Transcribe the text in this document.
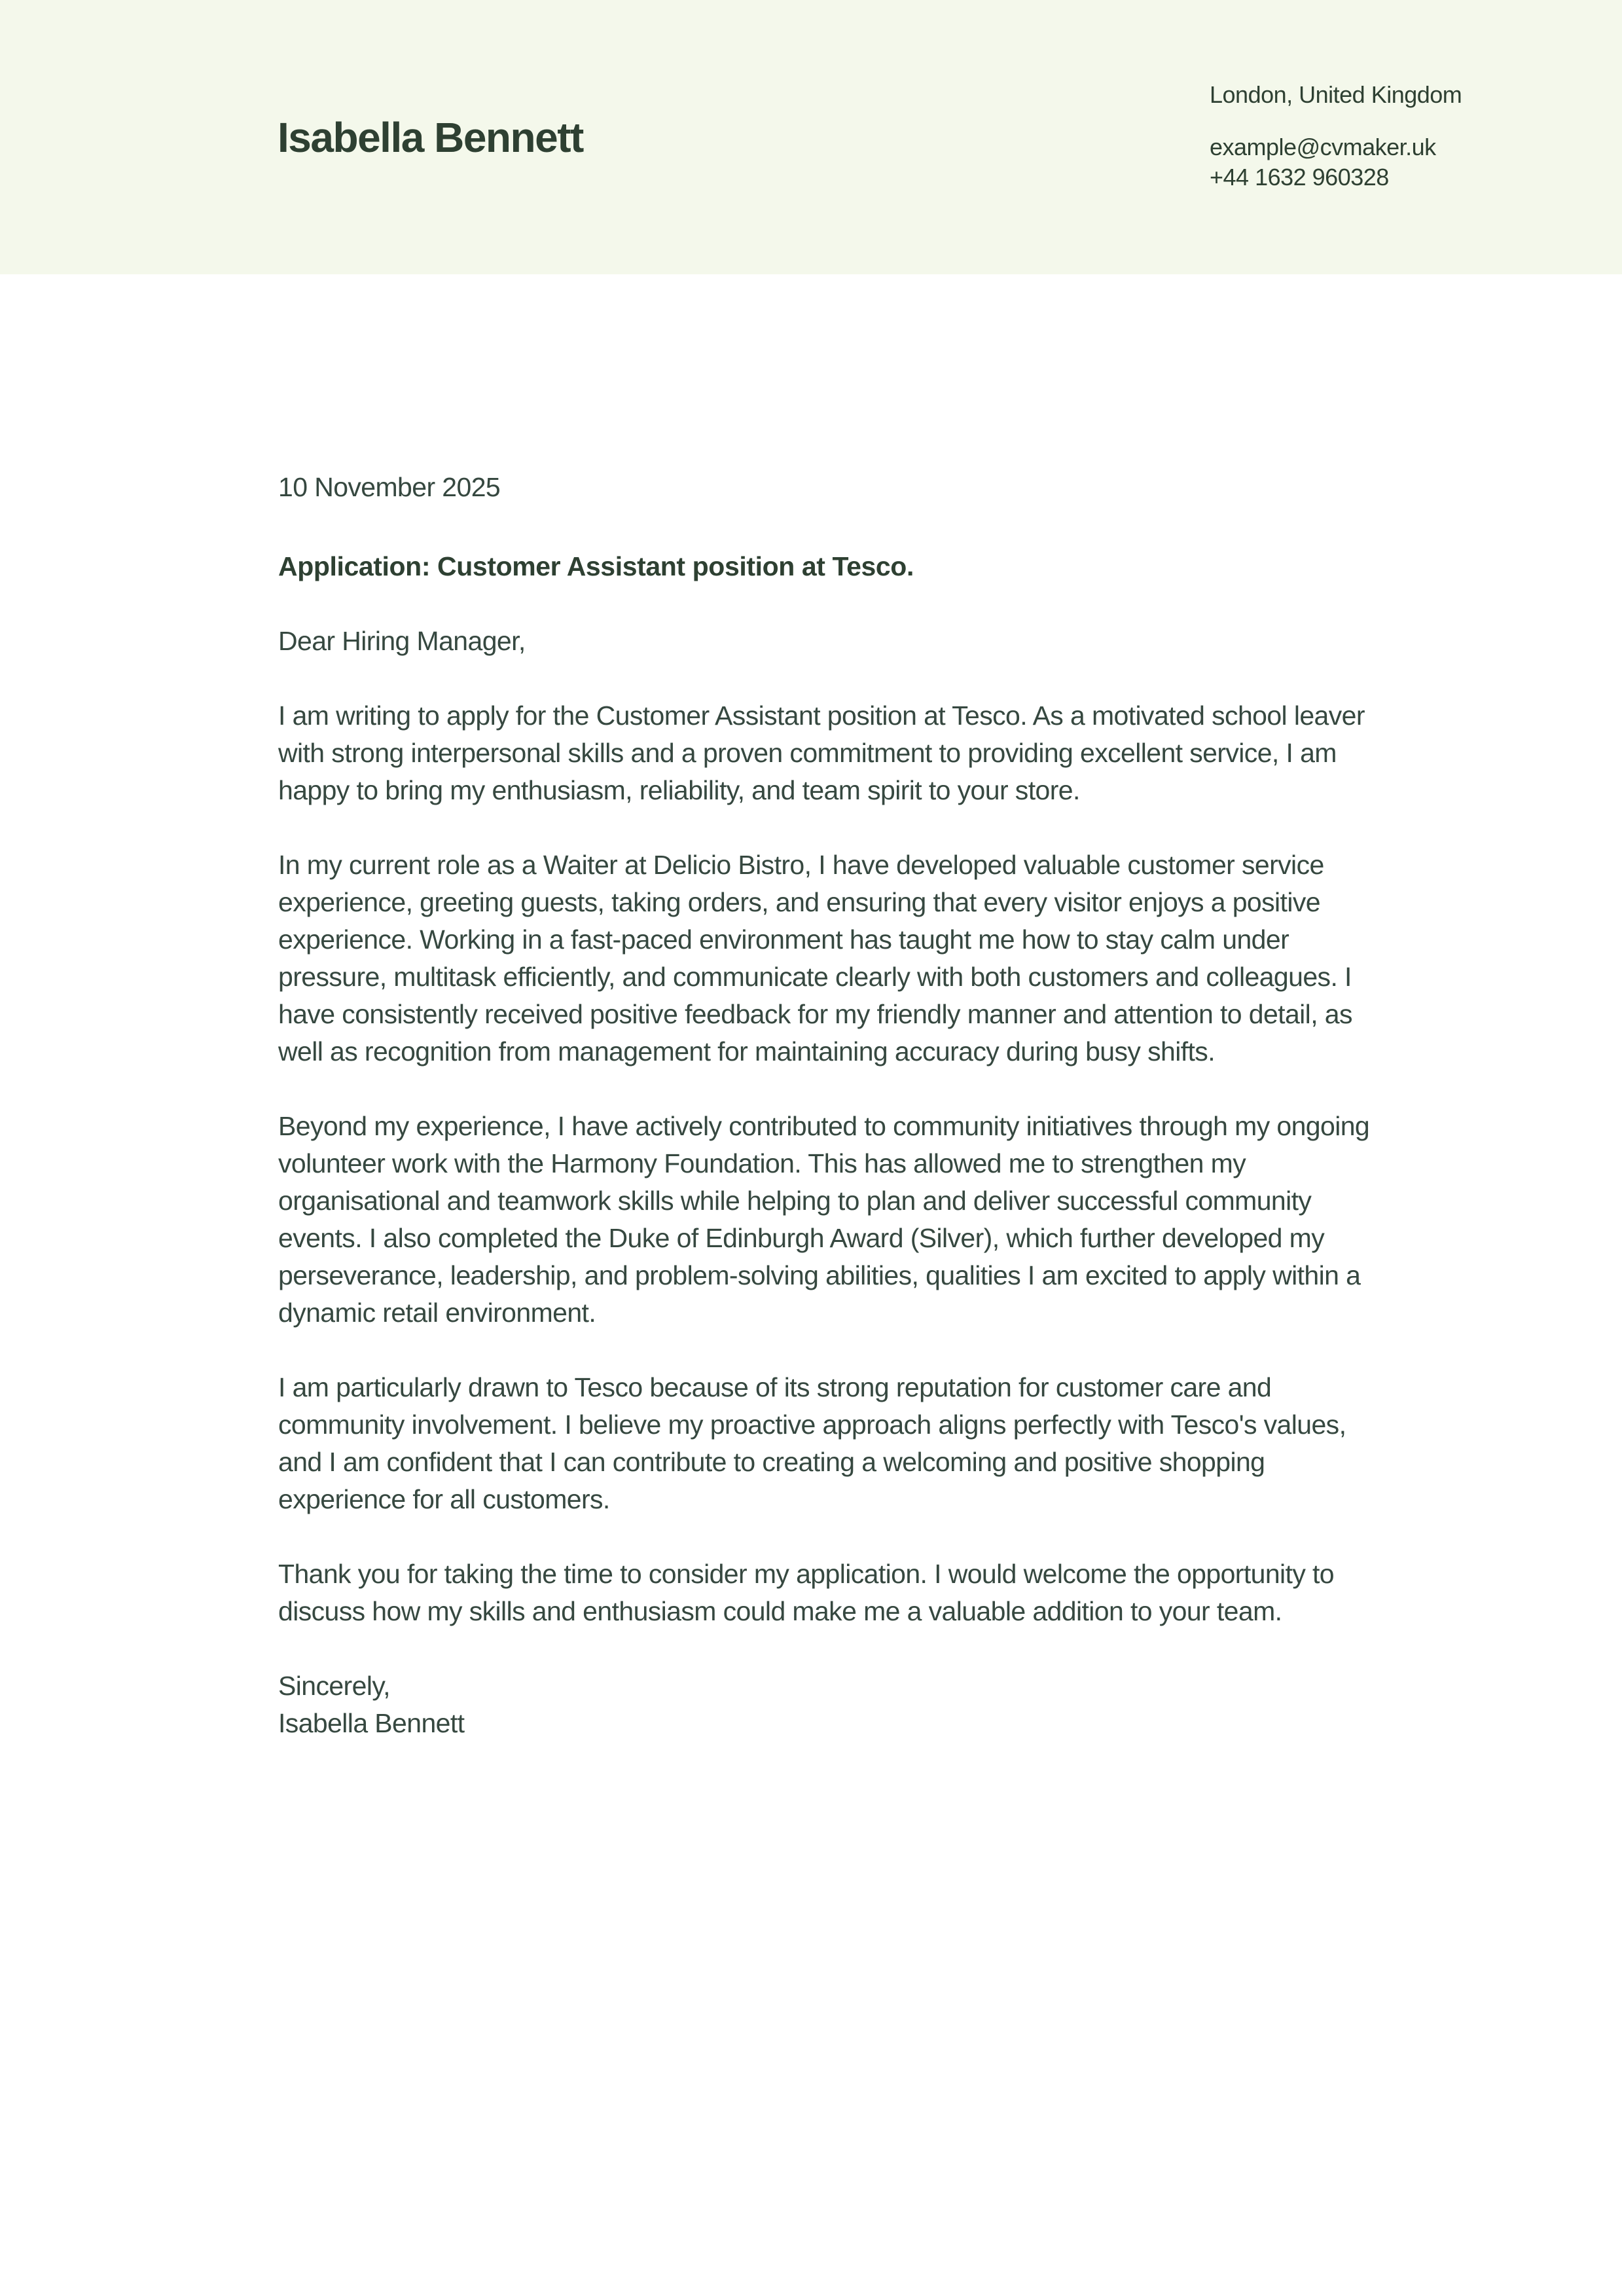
Isabella Bennett
London, United Kingdom
example@cvmaker.uk
+44 1632 960328

10 November 2025

Application: Customer Assistant position at Tesco.

Dear Hiring Manager,

I am writing to apply for the Customer Assistant position at Tesco. As a motivated school leaver with strong interpersonal skills and a proven commitment to providing excellent service, I am happy to bring my enthusiasm, reliability, and team spirit to your store.

In my current role as a Waiter at Delicio Bistro, I have developed valuable customer service experience, greeting guests, taking orders, and ensuring that every visitor enjoys a positive experience. Working in a fast-paced environment has taught me how to stay calm under pressure, multitask efficiently, and communicate clearly with both customers and colleagues. I have consistently received positive feedback for my friendly manner and attention to detail, as well as recognition from management for maintaining accuracy during busy shifts.

Beyond my experience, I have actively contributed to community initiatives through my ongoing volunteer work with the Harmony Foundation. This has allowed me to strengthen my organisational and teamwork skills while helping to plan and deliver successful community events. I also completed the Duke of Edinburgh Award (Silver), which further developed my perseverance, leadership, and problem-solving abilities, qualities I am excited to apply within a dynamic retail environment.

I am particularly drawn to Tesco because of its strong reputation for customer care and community involvement. I believe my proactive approach aligns perfectly with Tesco's values, and I am confident that I can contribute to creating a welcoming and positive shopping experience for all customers.

Thank you for taking the time to consider my application. I would welcome the opportunity to discuss how my skills and enthusiasm could make me a valuable addition to your team.

Sincerely,
Isabella Bennett
